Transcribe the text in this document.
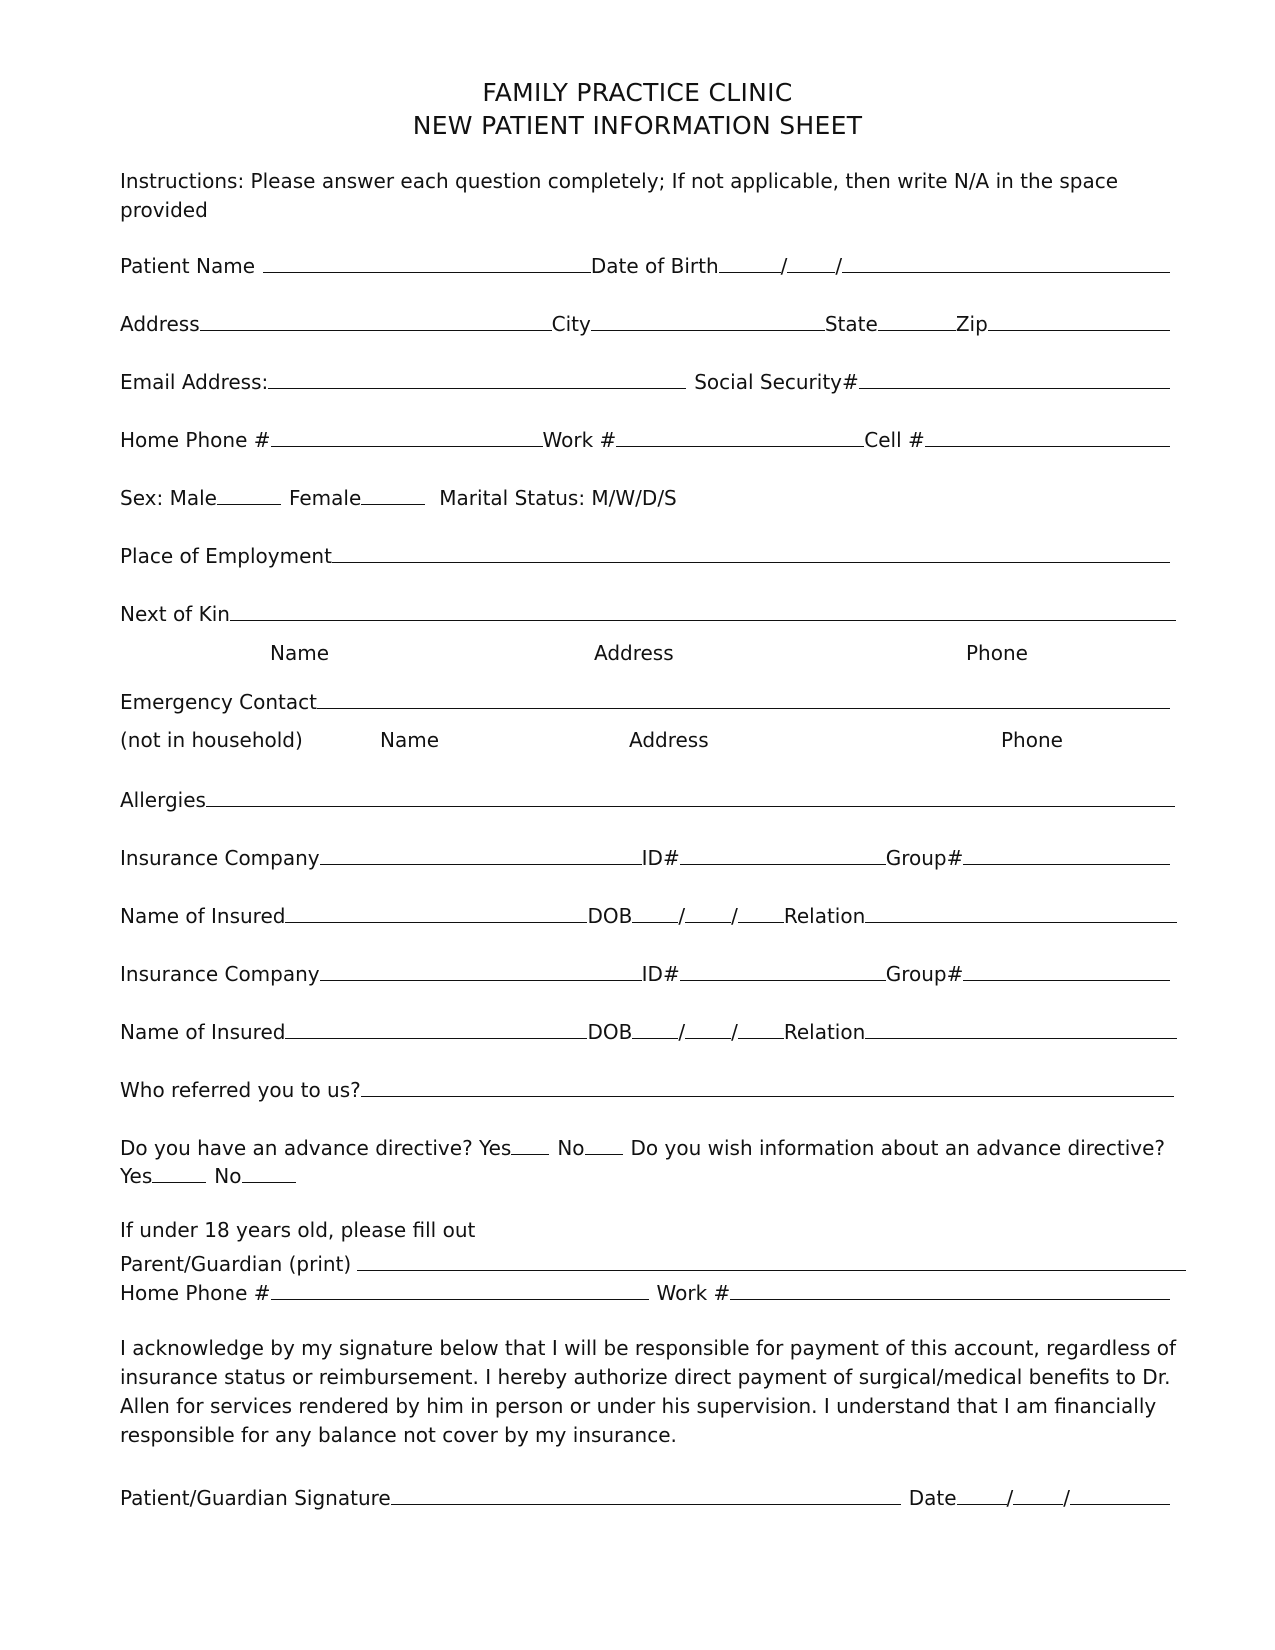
FAMILY PRACTICE CLINIC
NEW PATIENT INFORMATION SHEET
Instructions: Please answer each question completely; If not applicable, then write N/A in the space provided
Patient Name	Date of Birth	/ /
Address	City	State	Zip
Email Address:	Social Security#
Home Phone #	Work #	Cell #
Sex: Male	Female	Marital Status: M/W/D/S
Place of Employment
Next of Kin
Name	Address	Phone
Emergency Contact
(not in household)	Name	Address	Phone
Allergies
Insurance Company	ID#	Group#
Name of Insured	DOB / / Relation
Insurance Company	ID#	Group#
Name of Insured	DOB / / Relation
Who referred you to us?
Do you have an advance directive? Yes No Do you wish information about an advance directive?
Yes	No
If under 18 years old, please fill out
Parent/Guardian (print)
Home Phone #	Work #
I acknowledge by my signature below that I will be responsible for payment of this account, regardless of insurance status or reimbursement. I hereby authorize direct payment of surgical/medical benefits to Dr. Allen for services rendered by him in person or under his supervision. I understand that I am financially responsible for any balance not cover by my insurance.
Patient/Guardian Signature	Date	/	/
